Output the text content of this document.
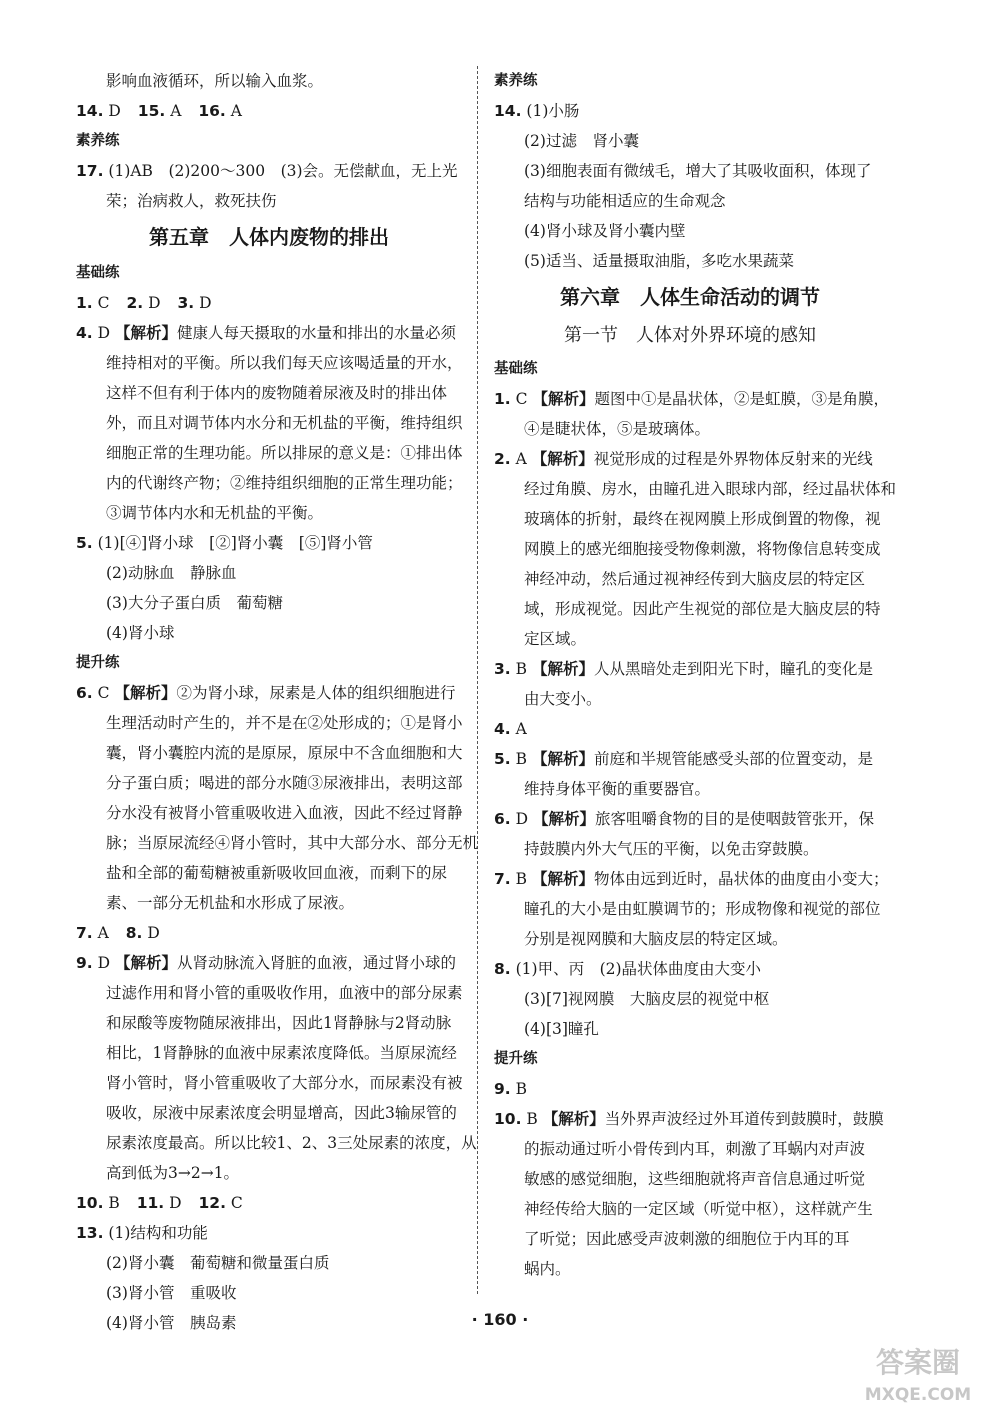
影响血液循环，所以输入血浆。
14. D 15. A 16. A
素养练
17. (1)AB　(2)200～300　(3)会。无偿献血，无上光
荣；治病救人，救死扶伤
第五章　人体内废物的排出
基础练
1. C 2. D 3. D
4. D 【解析】健康人每天摄取的水量和排出的水量必须
维持相对的平衡。所以我们每天应该喝适量的开水，
这样不但有利于体内的废物随着尿液及时的排出体
外，而且对调节体内水分和无机盐的平衡，维持组织
细胞正常的生理功能。所以排尿的意义是：①排出体
内的代谢终产物；②维持组织细胞的正常生理功能；
③调节体内水和无机盐的平衡。
5. (1)[④]肾小球　[②]肾小囊　[⑤]肾小管
(2)动脉血　静脉血
(3)大分子蛋白质　葡萄糖
(4)肾小球
提升练
6. C 【解析】②为肾小球，尿素是人体的组织细胞进行
生理活动时产生的，并不是在②处形成的；①是肾小
囊，肾小囊腔内流的是原尿，原尿中不含血细胞和大
分子蛋白质；喝进的部分水随③尿液排出，表明这部
分水没有被肾小管重吸收进入血液，因此不经过肾静
脉；当原尿流经④肾小管时，其中大部分水、部分无机
盐和全部的葡萄糖被重新吸收回血液，而剩下的尿
素、一部分无机盐和水形成了尿液。
7. A 8. D
9. D 【解析】从肾动脉流入肾脏的血液，通过肾小球的
过滤作用和肾小管的重吸收作用，血液中的部分尿素
和尿酸等废物随尿液排出，因此1肾静脉与2肾动脉
相比，1肾静脉的血液中尿素浓度降低。当原尿流经
肾小管时，肾小管重吸收了大部分水，而尿素没有被
吸收，尿液中尿素浓度会明显增高，因此3输尿管的
尿素浓度最高。所以比较1、2、3三处尿素的浓度，从
高到低为3→2→1。
10. B 11. D 12. C
13. (1)结构和功能
(2)肾小囊　葡萄糖和微量蛋白质
(3)肾小管　重吸收
(4)肾小管　胰岛素
素养练
14. (1)小肠
(2)过滤　肾小囊
(3)细胞表面有微绒毛，增大了其吸收面积，体现了
结构与功能相适应的生命观念
(4)肾小球及肾小囊内壁
(5)适当、适量摄取油脂，多吃水果蔬菜
第六章　人体生命活动的调节
第一节　人体对外界环境的感知
基础练
1. C 【解析】题图中①是晶状体，②是虹膜，③是角膜，
④是睫状体，⑤是玻璃体。
2. A 【解析】视觉形成的过程是外界物体反射来的光线
经过角膜、房水，由瞳孔进入眼球内部，经过晶状体和
玻璃体的折射，最终在视网膜上形成倒置的物像，视
网膜上的感光细胞接受物像刺激，将物像信息转变成
神经冲动，然后通过视神经传到大脑皮层的特定区
域，形成视觉。因此产生视觉的部位是大脑皮层的特
定区域。
3. B 【解析】人从黑暗处走到阳光下时，瞳孔的变化是
由大变小。
4. A
5. B 【解析】前庭和半规管能感受头部的位置变动，是
维持身体平衡的重要器官。
6. D 【解析】旅客咀嚼食物的目的是使咽鼓管张开，保
持鼓膜内外大气压的平衡，以免击穿鼓膜。
7. B 【解析】物体由远到近时，晶状体的曲度由小变大；
瞳孔的大小是由虹膜调节的；形成物像和视觉的部位
分别是视网膜和大脑皮层的特定区域。
8. (1)甲、丙　(2)晶状体曲度由大变小
(3)[7]视网膜　大脑皮层的视觉中枢
(4)[3]瞳孔
提升练
9. B
10. B 【解析】当外界声波经过外耳道传到鼓膜时，鼓膜
的振动通过听小骨传到内耳，刺激了耳蜗内对声波
敏感的感觉细胞，这些细胞就将声音信息通过听觉
神经传给大脑的一定区域（听觉中枢），这样就产生
了听觉；因此感受声波刺激的细胞位于内耳的耳
蜗内。
· 160 ·
答案圈
MXQE.COM
